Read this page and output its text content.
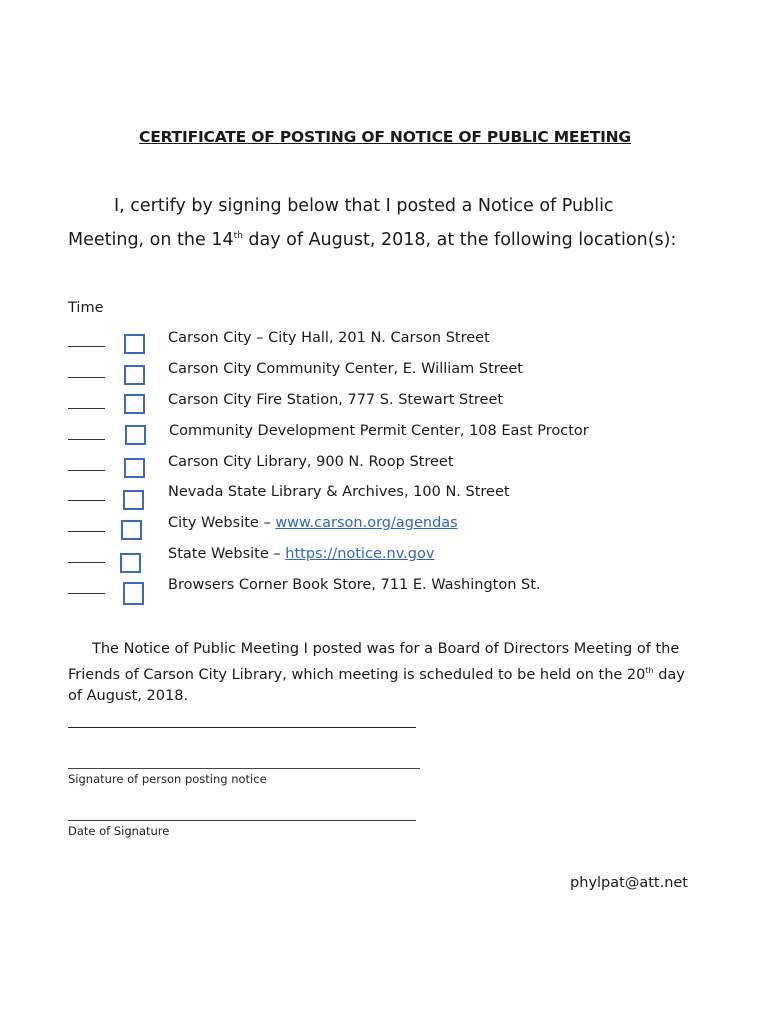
CERTIFICATE OF POSTING OF NOTICE OF PUBLIC MEETING
I, certify by signing below that I posted a Notice of Public
Meeting, on the 14th day of August, 2018, at the following location(s):
Time
Carson City – City Hall, 201 N. Carson Street
Carson City Community Center, E. William Street
Carson City Fire Station, 777 S. Stewart Street
Community Development Permit Center, 108 East Proctor
Carson City Library, 900 N. Roop Street
Nevada State Library & Archives, 100 N. Street
City Website – www.carson.org/agendas
State Website – https://notice.nv.gov
Browsers Corner Book Store, 711 E. Washington St.
The Notice of Public Meeting I posted was for a Board of Directors Meeting of the Friends of Carson City Library, which meeting is scheduled to be held on the 20th day of August, 2018.
Signature of person posting notice
Date of Signature
phylpat@att.net
